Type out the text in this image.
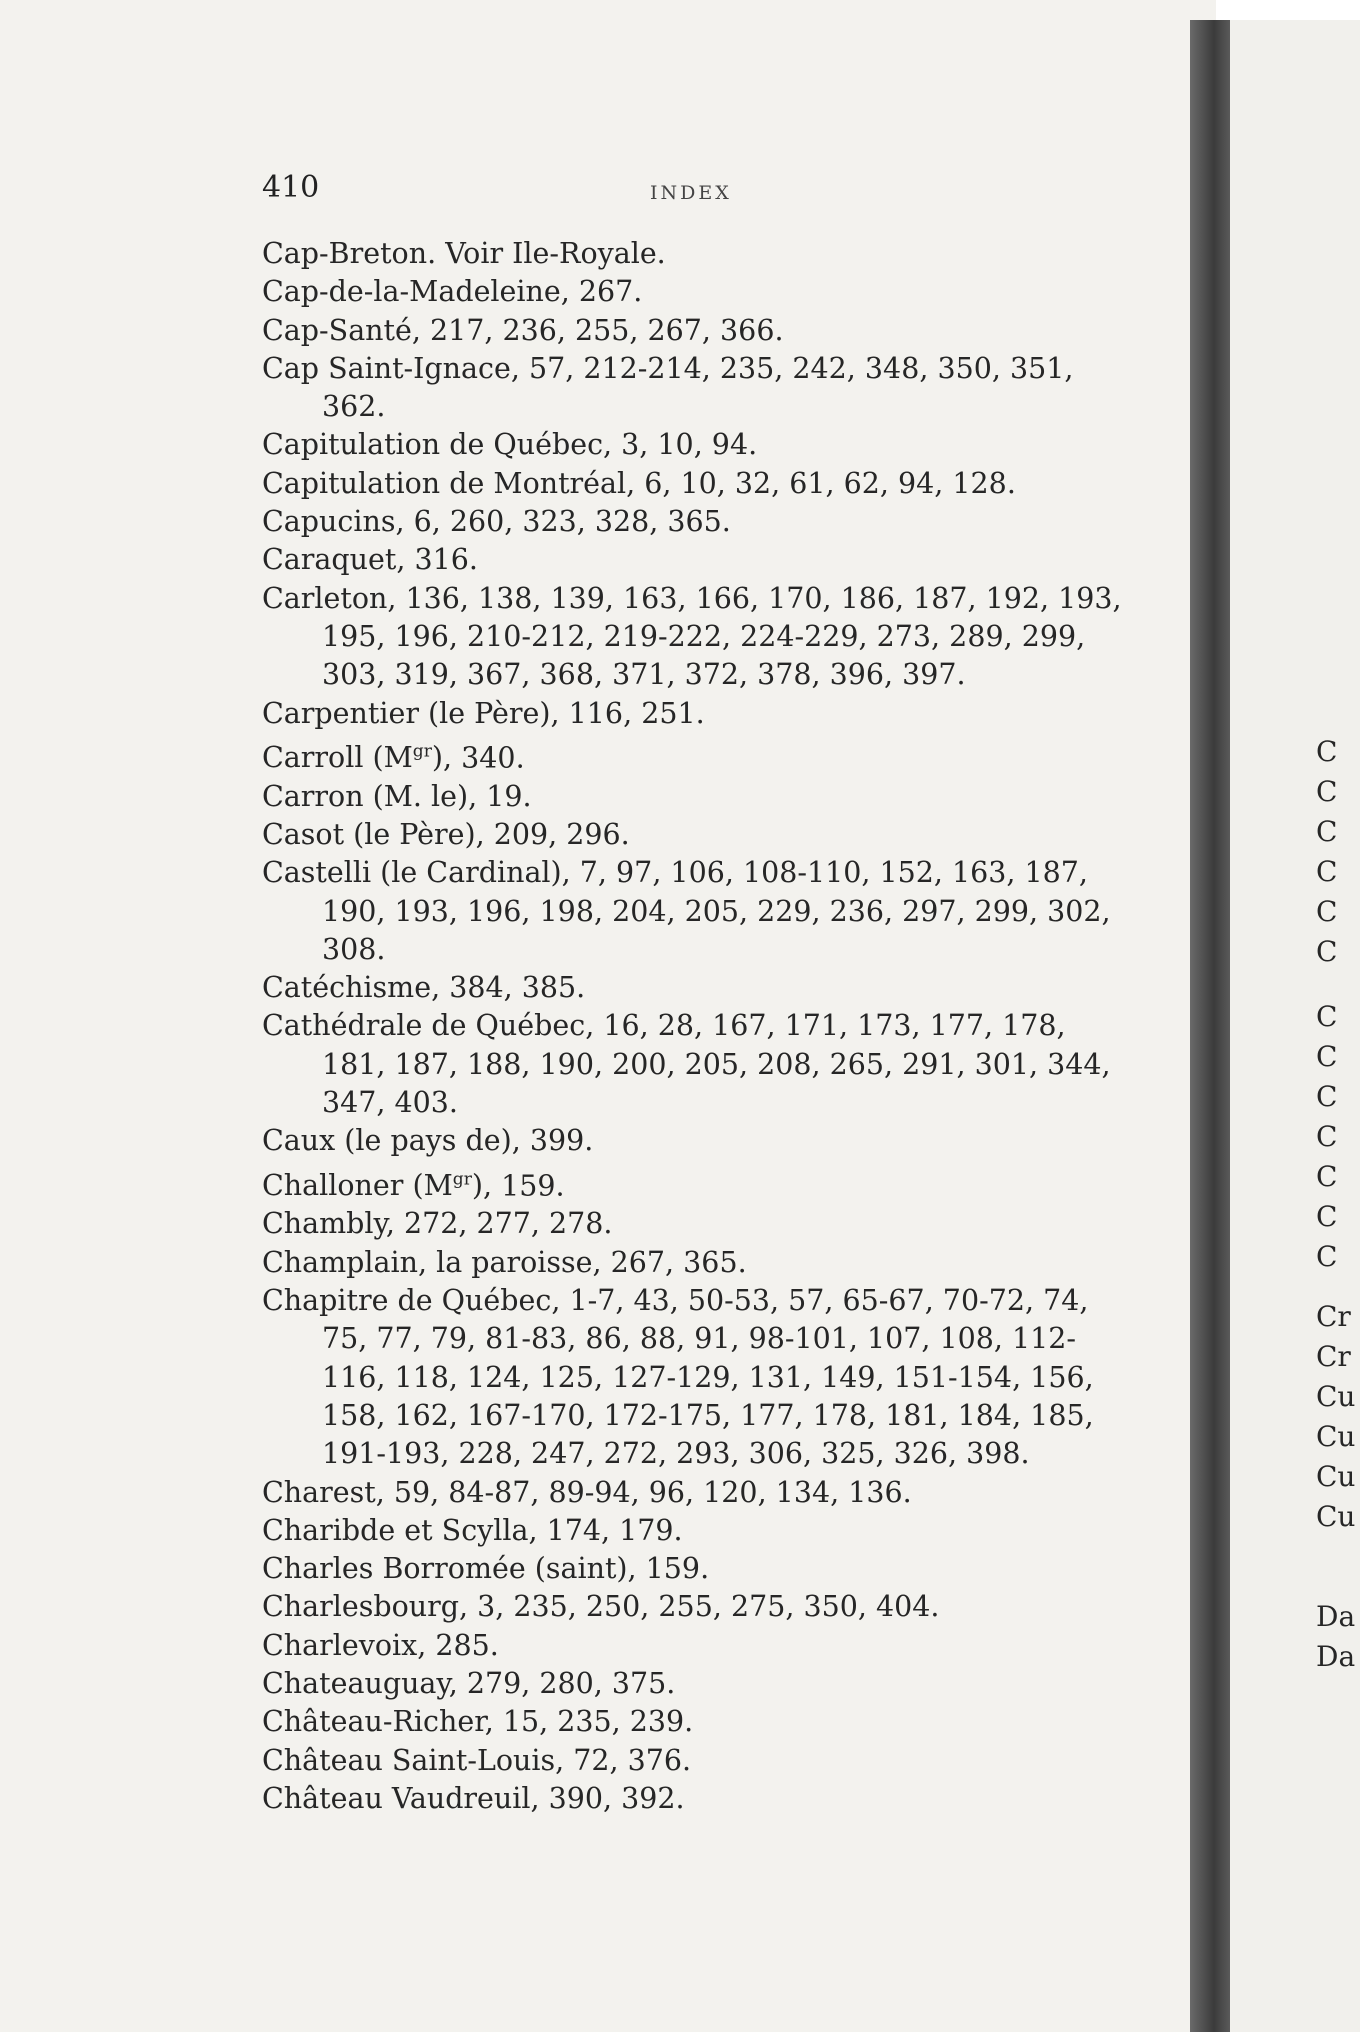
410	INDEX
Cap-Breton. Voir Ile-Royale.
Cap-de-la-Madeleine, 267.
Cap-Santé, 217, 236, 255, 267, 366.
Cap Saint-Ignace, 57, 212-214, 235, 242, 348, 350, 351, 362.
Capitulation de Québec, 3, 10, 94.
Capitulation de Montréal, 6, 10, 32, 61, 62, 94, 128.
Capucins, 6, 260, 323, 328, 365.
Caraquet, 316.
Carleton, 136, 138, 139, 163, 166, 170, 186, 187, 192, 193, 195, 196, 210-212, 219-222, 224-229, 273, 289, 299, 303, 319, 367, 368, 371, 372, 378, 396, 397.
Carpentier (le Père), 116, 251.
Carroll $(M^{gr})$, 340.
Carron (M. le), 19.
Casot (le Père), 209, 296.
Castelli (le Cardinal), 7, 97, 106, 108-110, 152, 163, 187, 190, 193, 196, 198, 204, 205, 229, 236, 297, 299, 302, 308.
Catéchisme, 384, 385.
Cathédrale de Québec, 16, 28, 167, 171, 173, 177, 178, 181, 187, 188, 190, 200, 205, 208, 265, 291, 301, 344, 347, 403.
Caux (le pays de), 399.
Challoner $(M^{gr})$, 159.
Chambly, 272, 277, 278.
Champlain, la paroisse, 267, 365.
Chapitre de Québec, 1-7, 43, 50-53, 57, 65-67, 70-72, 74, 75, 77, 79, 81-83, 86, 88, 91, 98-101, 107, 108, 112-116, 118, 124, 125, 127-129, 131, 149, 151-154, 156, 158, 162, 167-170, 172-175, 177, 178, 181, 184, 185, 191-193, 228, 247, 272, 293, 306, 325, 326, 398.
Charest, 59, 84-87, 89-94, 96, 120, 134, 136.
Charibde et Scylla, 174, 179.
Charles Borromée (saint), 159.
Charlesbourg, 3, 235, 250, 255, 275, 350, 404.
Charlevoix, 285.
Chateauguay, 279, 280, 375.
Château-Richer, 15, 235, 239.
Château Saint-Louis, 72, 376.
Château Vaudreuil, 390, 392.
C
C
C
C
C
C
C
C
C
C
C
C
C
Cr
Cr
Cu
Cu
Cu
Cu
Da
Da
